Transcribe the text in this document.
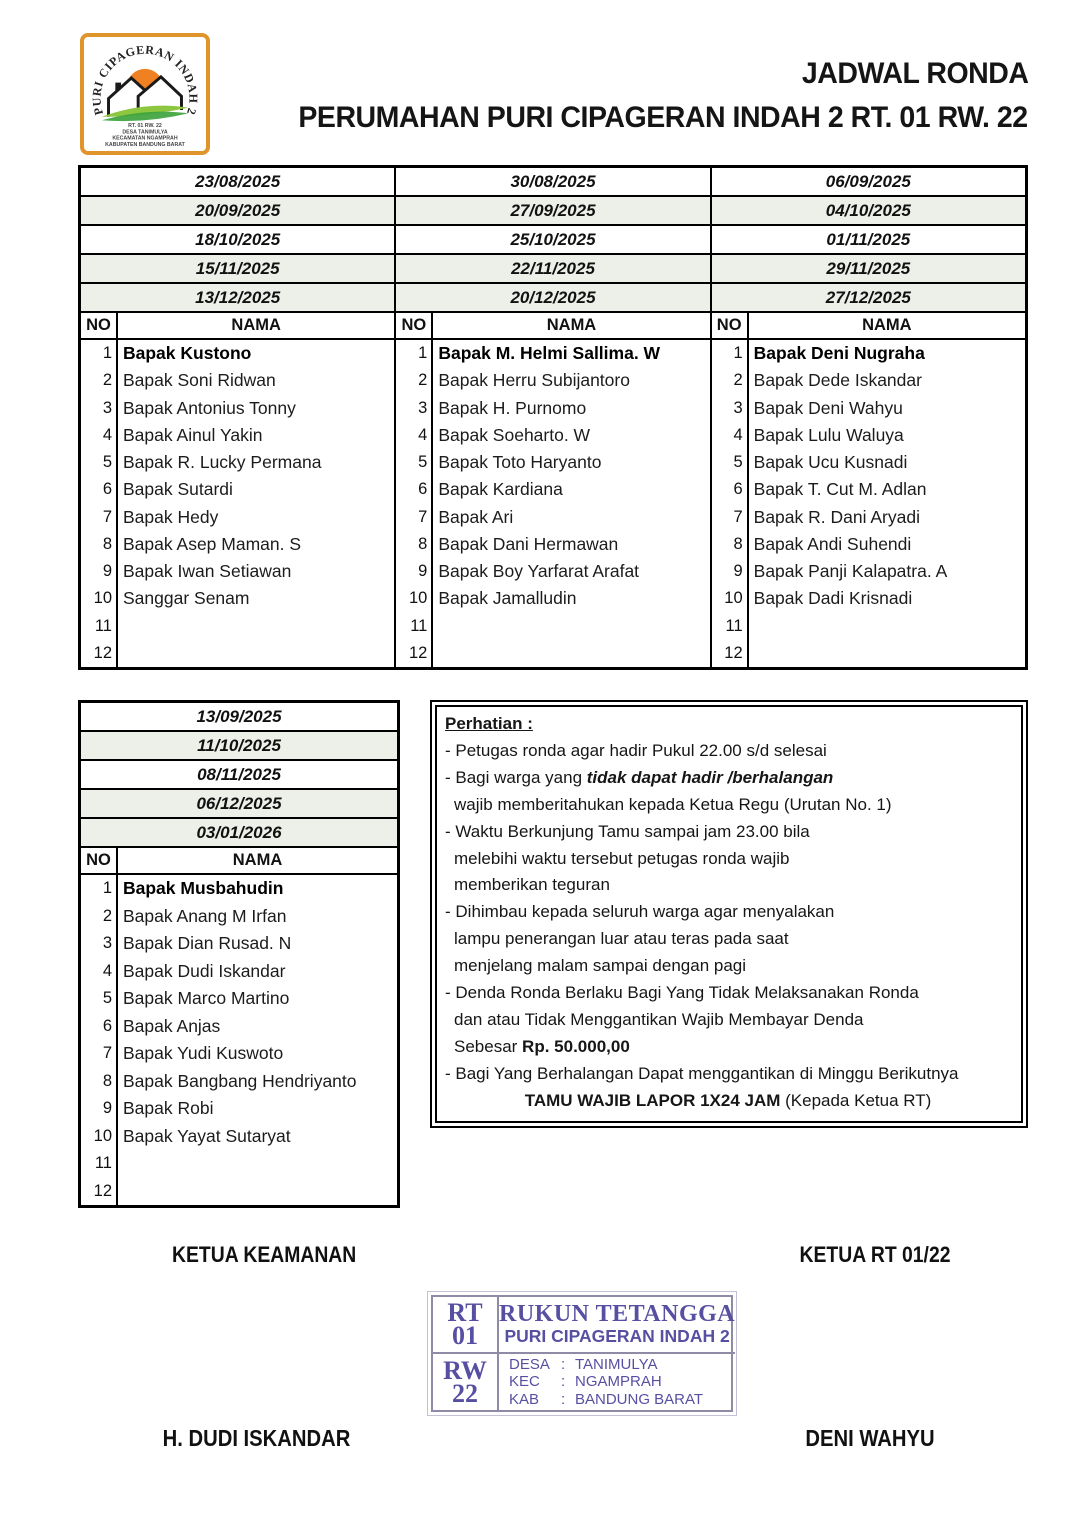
PURI CIPAGERAN INDAH 2
RT. 01 RW. 22
DESA TANIMULYA
KECAMATAN NGAMPRAH
KABUPATEN BANDUNG BARAT
JADWAL RONDA
PERUMAHAN PURI CIPAGERAN INDAH 2 RT. 01 RW. 22
23/08/2025
20/09/2025
18/10/2025
15/11/2025
13/12/2025
NO	NAMA
1 Bapak Kustono
2 Bapak Soni Ridwan
3 Bapak Antonius Tonny
4 Bapak Ainul Yakin
5 Bapak R. Lucky Permana
6 Bapak Sutardi
7 Bapak Hedy
8 Bapak Asep Maman. S
9 Bapak Iwan Setiawan
10 Sanggar Senam
11
12
30/08/2025
27/09/2025
25/10/2025
22/11/2025
20/12/2025
NO	NAMA
1 Bapak M. Helmi Sallima. W
2 Bapak Herru Subijantoro
3 Bapak H. Purnomo
4 Bapak Soeharto. W
5 Bapak Toto Haryanto
6 Bapak Kardiana
7 Bapak Ari
8 Bapak Dani Hermawan
9 Bapak Boy Yarfarat Arafat
10 Bapak Jamalludin
11
12
06/09/2025
04/10/2025
01/11/2025
29/11/2025
27/12/2025
NO	NAMA
1 Bapak Deni Nugraha
2 Bapak Dede Iskandar
3 Bapak Deni Wahyu
4 Bapak Lulu Waluya
5 Bapak Ucu Kusnadi
6 Bapak T. Cut M. Adlan
7 Bapak R. Dani Aryadi
8 Bapak Andi Suhendi
9 Bapak Panji Kalapatra. A
10 Bapak Dadi Krisnadi
11
12
13/09/2025
11/10/2025
08/11/2025
06/12/2025
03/01/2026
NO	NAMA
1 Bapak Musbahudin
2 Bapak Anang M Irfan
3 Bapak Dian Rusad. N
4 Bapak Dudi Iskandar
5 Bapak Marco Martino
6 Bapak Anjas
7 Bapak Yudi Kuswoto
8 Bapak Bangbang Hendriyanto
9 Bapak Robi
10 Bapak Yayat Sutaryat
11
12
Perhatian :
- Petugas ronda agar hadir Pukul 22.00 s/d selesai
- Bagi warga yang tidak dapat hadir /berhalangan
wajib memberitahukan kepada Ketua Regu (Urutan No. 1)
- Waktu Berkunjung Tamu sampai jam 23.00 bila
melebihi waktu tersebut petugas ronda wajib
memberikan teguran
- Dihimbau kepada seluruh warga agar menyalakan
lampu penerangan luar atau teras pada saat
menjelang malam sampai dengan pagi
- Denda Ronda Berlaku Bagi Yang Tidak Melaksanakan Ronda
dan atau Tidak Menggantikan Wajib Membayar Denda
Sebesar Rp. 50.000,00
- Bagi Yang Berhalangan Dapat menggantikan di Minggu Berikutnya
TAMU WAJIB LAPOR 1X24 JAM (Kepada Ketua RT)
KETUA KEAMANAN	KETUA RT 01/22
RT
01
RUKUN TETANGGA
PURI CIPAGERAN INDAH 2
RW
22
DESA : TANIMULYA
KEC	: NGAMPRAH
KAB	: BANDUNG BARAT
H. DUDI ISKANDAR	DENI WAHYU
